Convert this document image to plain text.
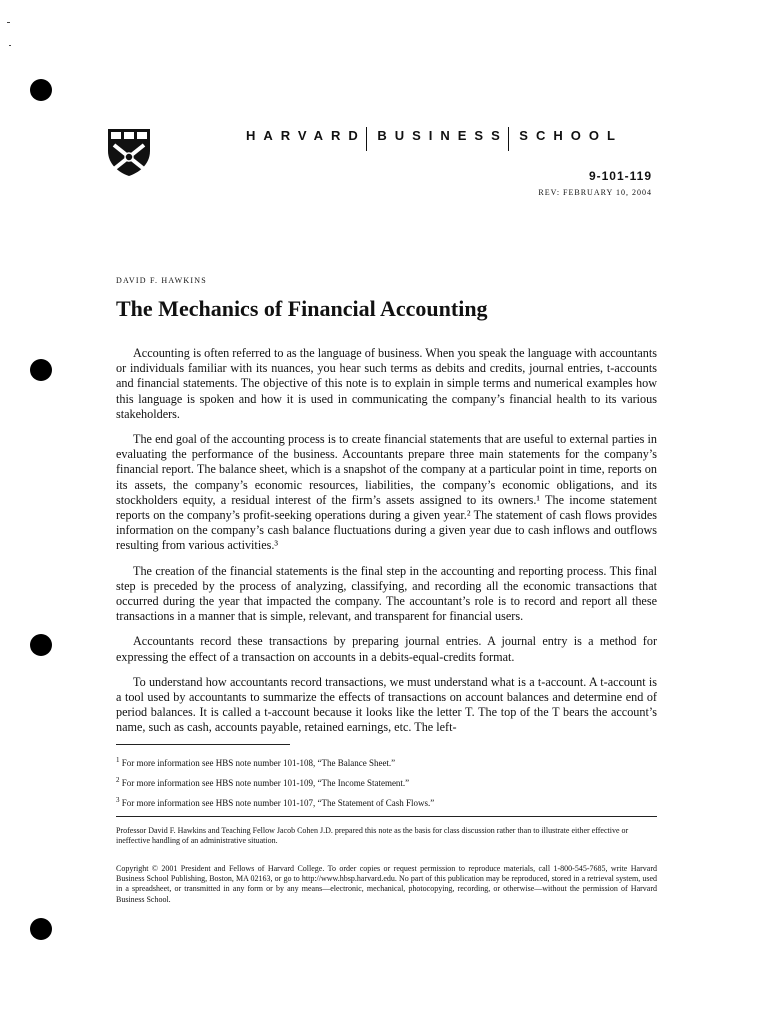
HARVARD BUSINESS SCHOOL
9-101-119
REV: FEBRUARY 10, 2004
DAVID F. HAWKINS
The Mechanics of Financial Accounting

Accounting is often referred to as the language of business. When you speak the language with accountants or individuals familiar with its nuances, you hear such terms as debits and credits, journal entries, t-accounts and financial statements. The objective of this note is to explain in simple terms and numerical examples how this language is spoken and how it is used in communicating the company’s financial health to its various stakeholders.

The end goal of the accounting process is to create financial statements that are useful to external parties in evaluating the performance of the business. Accountants prepare three main statements for the company’s financial report. The balance sheet, which is a snapshot of the company at a particular point in time, reports on its assets, the company’s economic resources, liabilities, the company’s economic obligations, and its stockholders equity, a residual interest of the firm’s assets assigned to its owners.¹ The income statement reports on the company’s profit-seeking operations during a given year.² The statement of cash flows provides information on the company’s cash balance fluctuations during a given year due to cash inflows and outflows resulting from various activities.³

The creation of the financial statements is the final step in the accounting and reporting process. This final step is preceded by the process of analyzing, classifying, and recording all the economic transactions that occurred during the year that impacted the company. The accountant’s role is to record and report all these transactions in a manner that is simple, relevant, and transparent for financial users.

Accountants record these transactions by preparing journal entries. A journal entry is a method for expressing the effect of a transaction on accounts in a debits-equal-credits format.

To understand how accountants record transactions, we must understand what is a t-account. A t-account is a tool used by accountants to summarize the effects of transactions on account balances and determine end of period balances. It is called a t-account because it looks like the letter T. The top of the T bears the account’s name, such as cash, accounts payable, retained earnings, etc. The left-

$^1$ For more information see HBS note number 101-108, “The Balance Sheet.”
$^2$ For more information see HBS note number 101-109, “The Income Statement.”
$^3$ For more information see HBS note number 101-107, “The Statement of Cash Flows.”
Professor David F. Hawkins and Teaching Fellow Jacob Cohen J.D. prepared this note as the basis for class discussion rather than to illustrate either effective or ineffective handling of an administrative situation.
Copyright © 2001 President and Fellows of Harvard College. To order copies or request permission to reproduce materials, call 1-800-545-7685, write Harvard Business School Publishing, Boston, MA 02163, or go to http://www.hbsp.harvard.edu. No part of this publication may be reproduced, stored in a retrieval system, used in a spreadsheet, or transmitted in any form or by any means—electronic, mechanical, photocopying, recording, or otherwise—without the permission of Harvard Business School.
